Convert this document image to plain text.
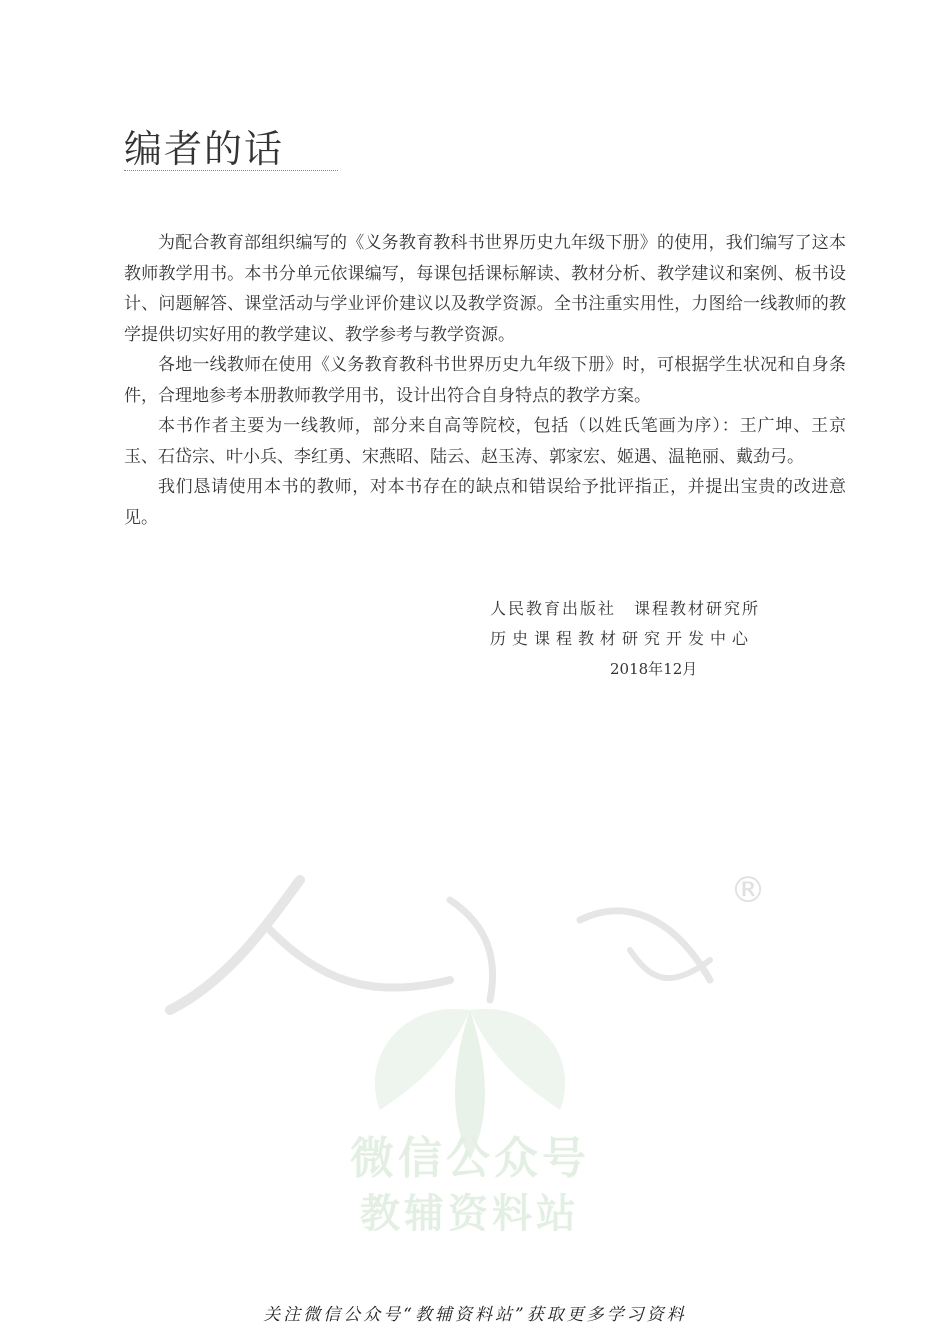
编者的话

为配合教育部组织编写的《义务教育教科书世界历史九年级下册》的使用，我们编写了这本教师教学用书。本书分单元依课编写，每课包括课标解读、教材分析、教学建议和案例、板书设计、问题解答、课堂活动与学业评价建议以及教学资源。全书注重实用性，力图给一线教师的教学提供切实好用的教学建议、教学参考与教学资源。

各地一线教师在使用《义务教育教科书世界历史九年级下册》时，可根据学生状况和自身条件，合理地参考本册教师教学用书，设计出符合自身特点的教学方案。

本书作者主要为一线教师，部分来自高等院校，包括（以姓氏笔画为序）：王广坤、王京玉、石岱宗、叶小兵、李红勇、宋燕昭、陆云、赵玉涛、郭家宏、姬遇、温艳丽、戴劲弓。

我们恳请使用本书的教师，对本书存在的缺点和错误给予批评指正，并提出宝贵的改进意见。

人民教育出版社　课程教材研究所
历史课程教材研究开发中心
2018年12月
®
微信公众号
教辅资料站
关注微信公众号“教辅资料站”获取更多学习资料
